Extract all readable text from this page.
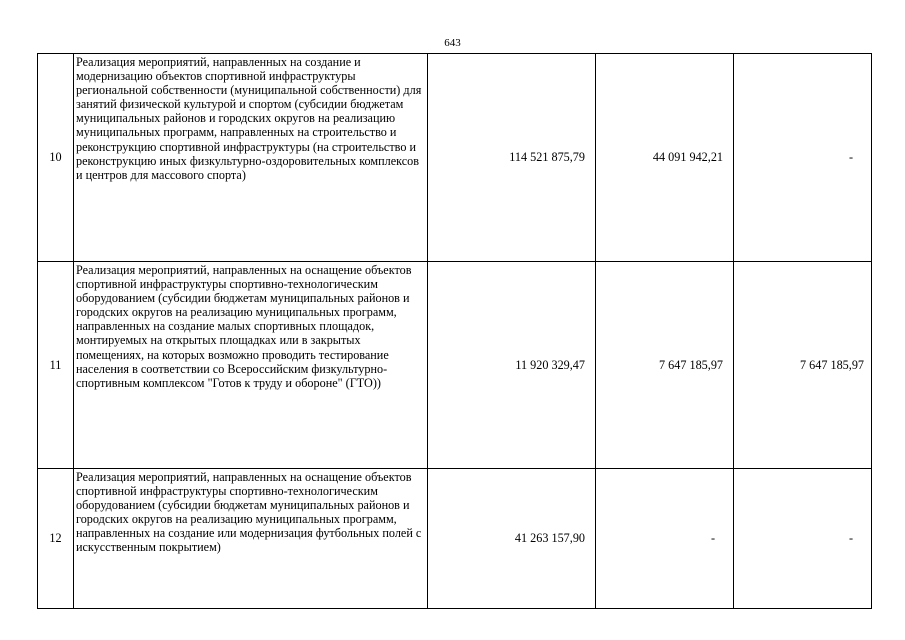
643
10	Реализация мероприятий, направленных на создание и модернизацию объектов спортивной инфраструктуры региональной собственности (муниципальной собственности) для занятий физической культурой и спортом (субсидии бюджетам муниципальных районов и городских округов на реализацию муниципальных программ, направленных на строительство и реконструкцию спортивной инфраструктуры (на строительство и реконструкцию иных физкультурно-оздоровительных комплексов и центров для массового спорта)	114 521 875,79	44 091 942,21	-
11	Реализация мероприятий, направленных на оснащение объектов спортивной инфраструктуры спортивно-технологическим оборудованием (субсидии бюджетам муниципальных районов и городских округов на реализацию муниципальных программ, направленных на создание малых спортивных площадок, монтируемых на открытых площадках или в закрытых помещениях, на которых возможно проводить тестирование населения в соответствии со Всероссийским физкультурно-спортивным комплексом "Готов к труду и обороне" (ГТО))	11 920 329,47	7 647 185,97	7 647 185,97
12	Реализация мероприятий, направленных на оснащение объектов спортивной инфраструктуры спортивно-технологическим оборудованием (субсидии бюджетам муниципальных районов и городских округов на реализацию муниципальных программ, направленных на создание или модернизация футбольных полей с искусственным покрытием)	41 263 157,90	-	-
